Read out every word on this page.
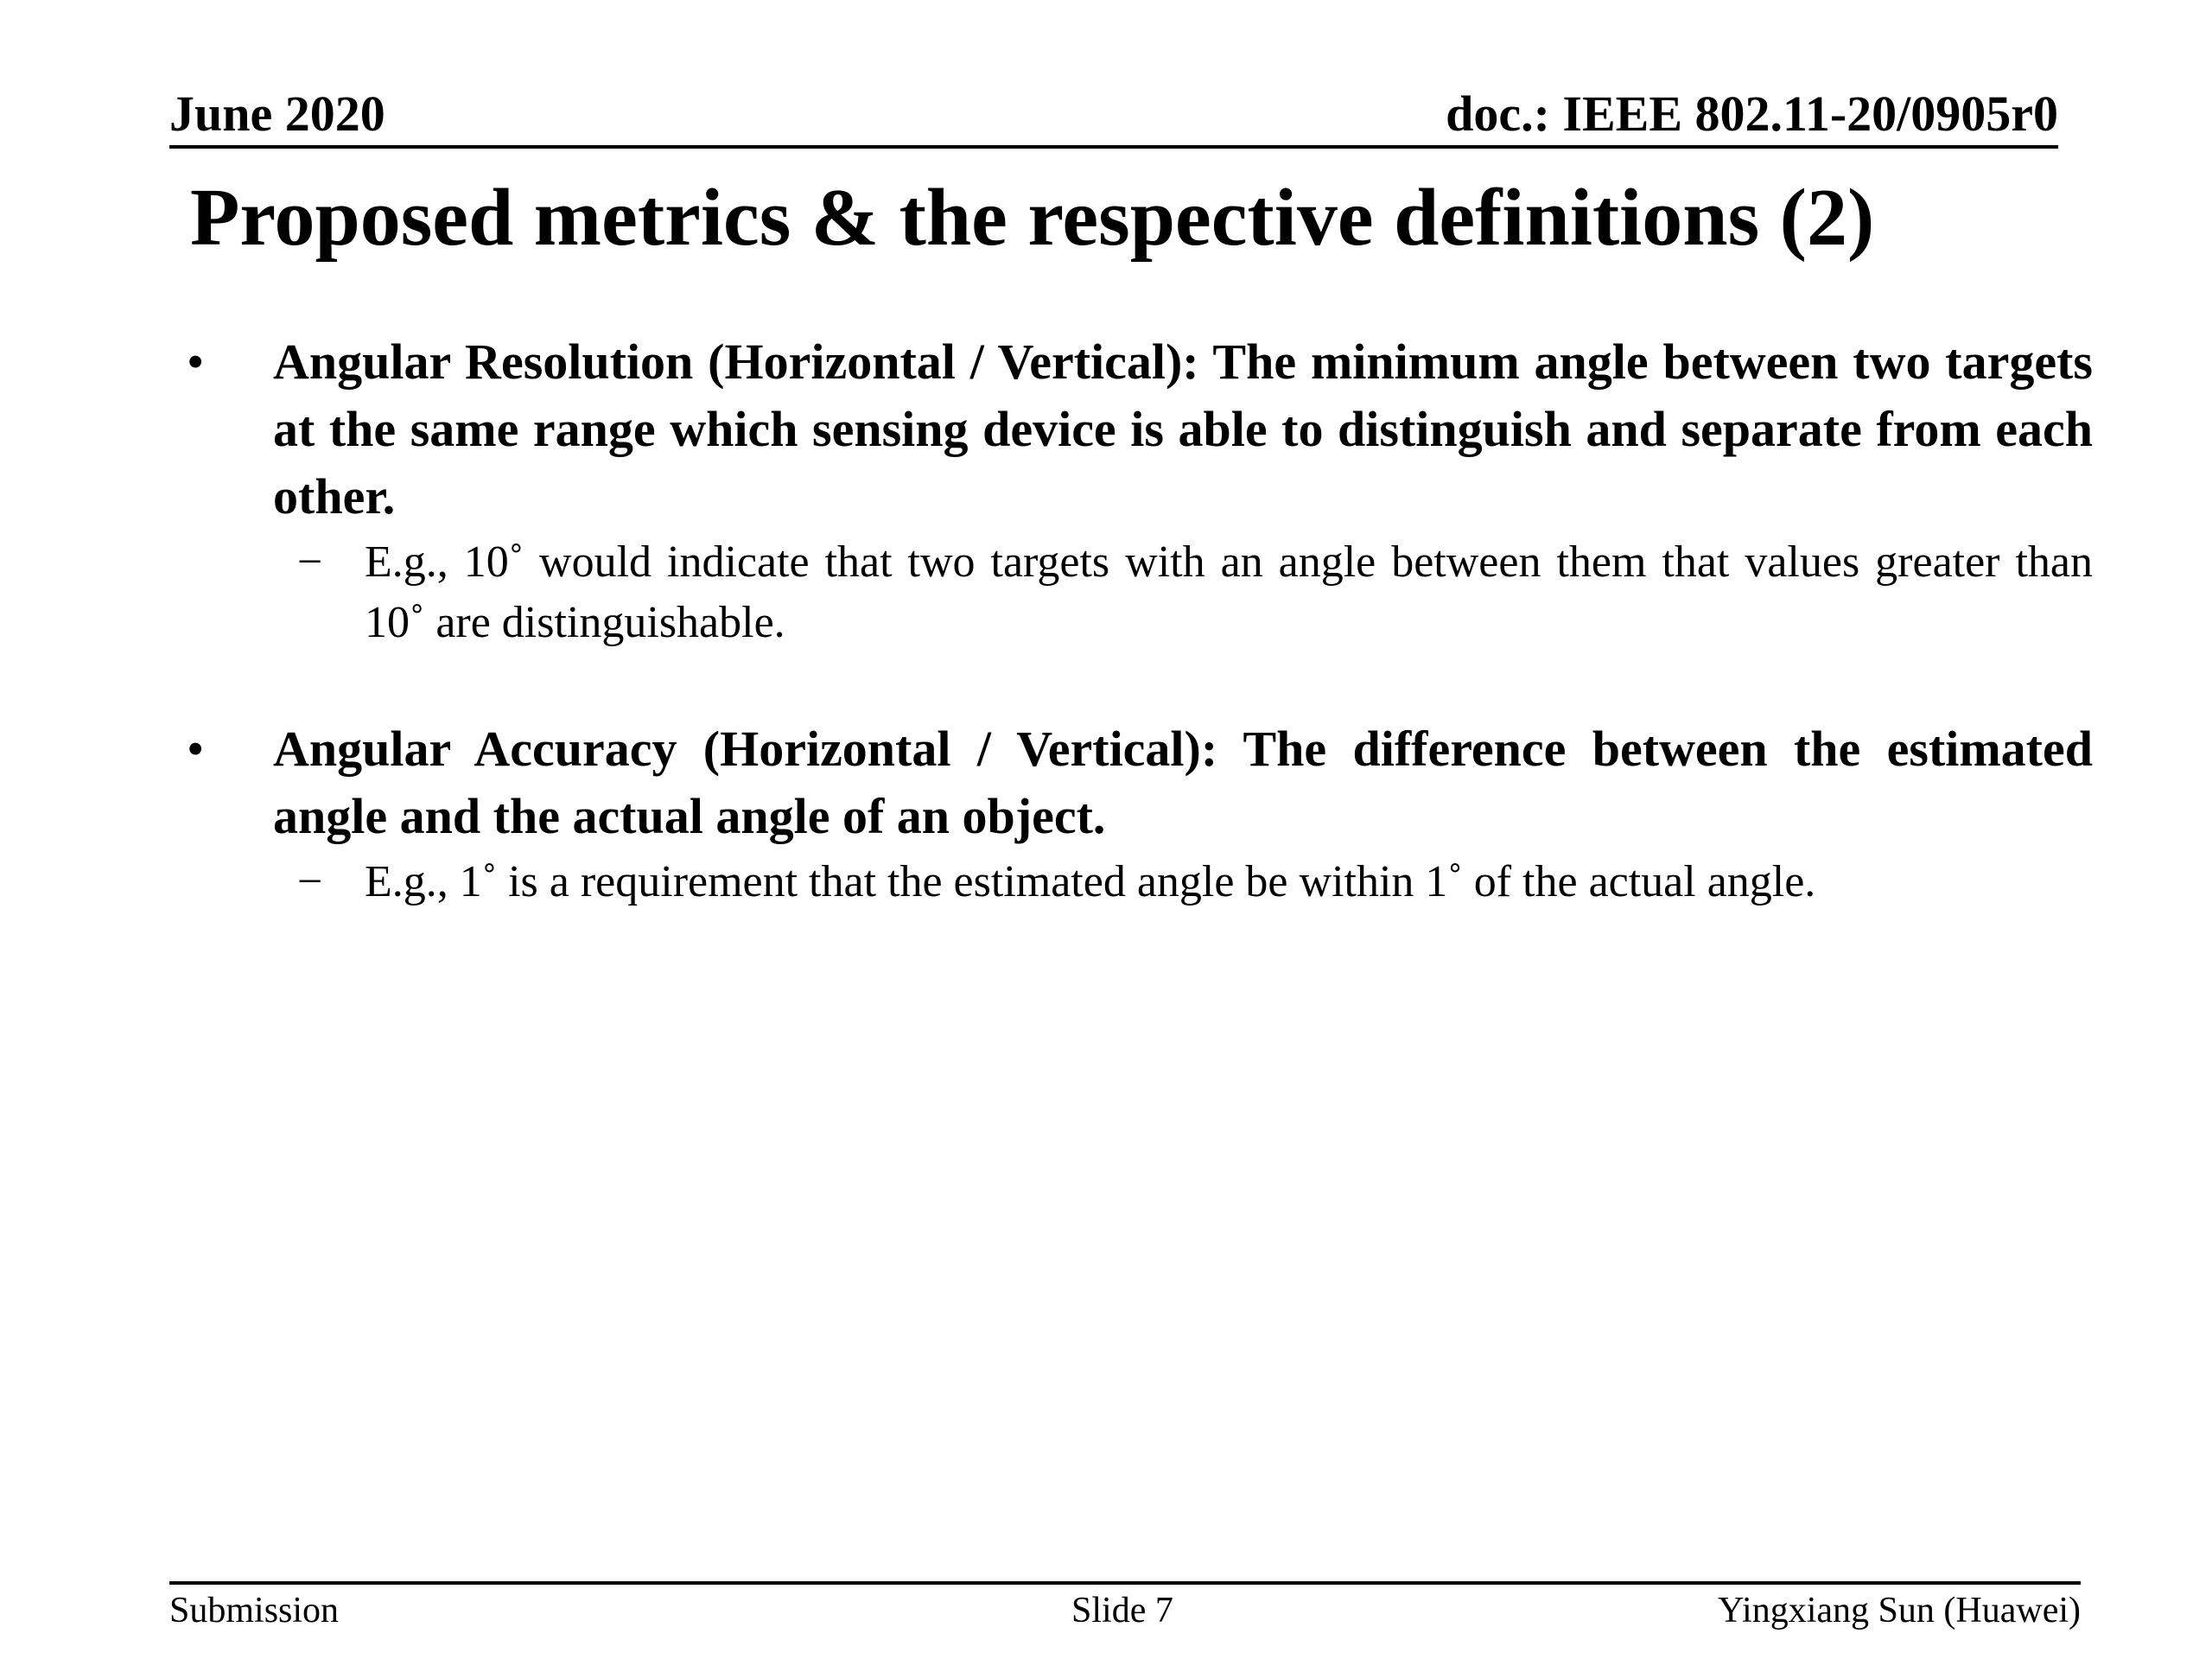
June 2020	doc.: IEEE 802.11-20/0905r0
Proposed metrics & the respective definitions (2)
• Angular Resolution (Horizontal / Vertical): The minimum angle between two targets at the same range which sensing device is able to distinguish and separate from each other.
− E.g., 10˚ would indicate that two targets with an angle between them that values greater than 10˚ are distinguishable.
• Angular Accuracy (Horizontal / Vertical): The difference between the estimated angle and the actual angle of an object.
− E.g., 1˚ is a requirement that the estimated angle be within 1˚ of the actual angle.
Submission	Slide 7	Yingxiang Sun (Huawei)
